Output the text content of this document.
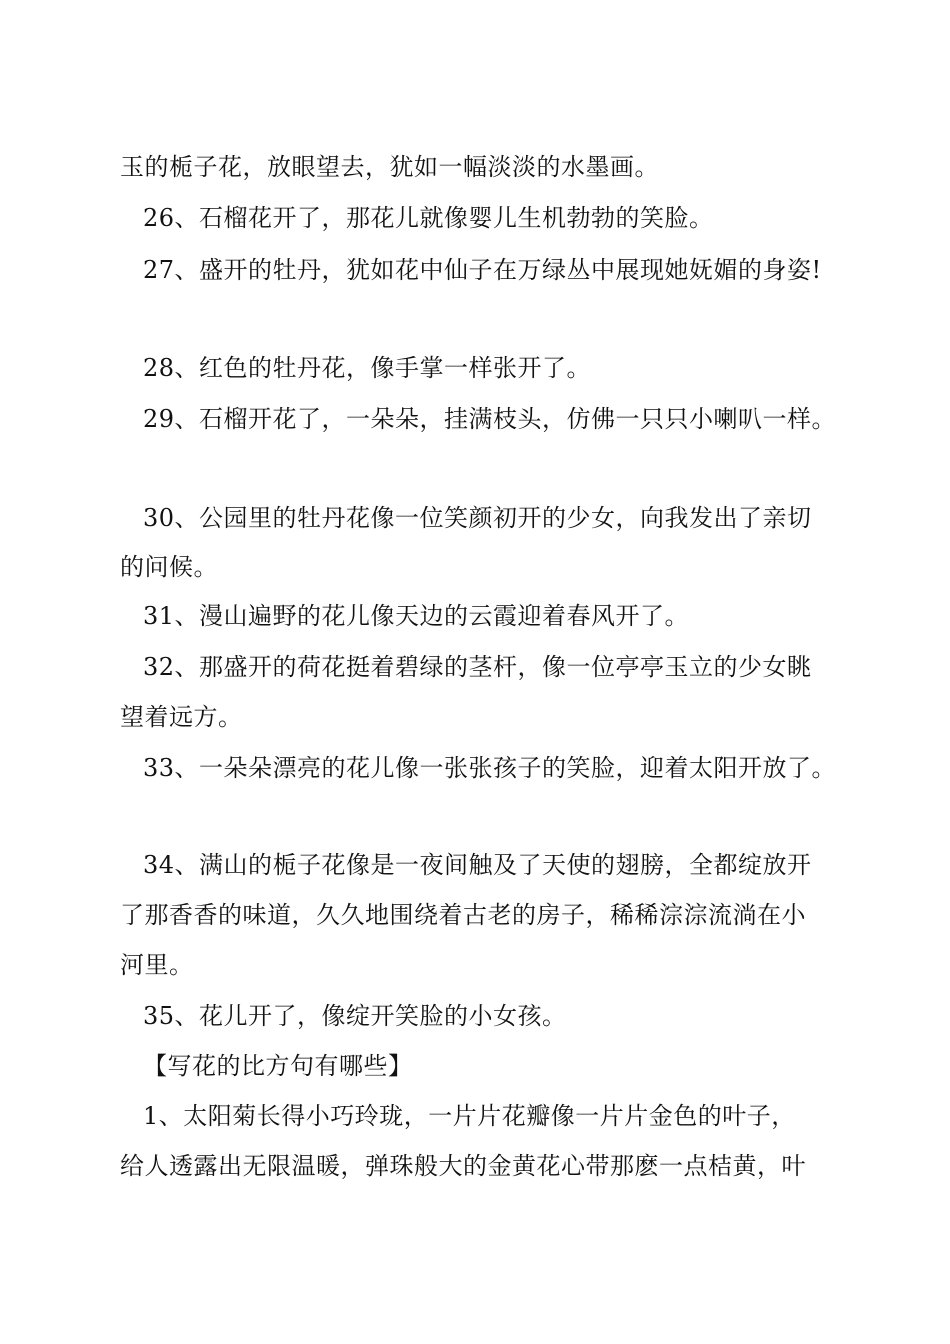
玉的栀子花，放眼望去，犹如一幅淡淡的水墨画。
26、石榴花开了，那花儿就像婴儿生机勃勃的笑脸。
27、盛开的牡丹，犹如花中仙子在万绿丛中展现她妩媚的身姿!
28、红色的牡丹花，像手掌一样张开了。
29、石榴开花了，一朵朵，挂满枝头，仿佛一只只小喇叭一样。
30、公园里的牡丹花像一位笑颜初开的少女，向我发出了亲切
的问候。
31、漫山遍野的花儿像天边的云霞迎着春风开了。
32、那盛开的荷花挺着碧绿的茎杆，像一位亭亭玉立的少女眺
望着远方。
33、一朵朵漂亮的花儿像一张张孩子的笑脸，迎着太阳开放了。
34、满山的栀子花像是一夜间触及了天使的翅膀，全都绽放开
了那香香的味道，久久地围绕着古老的房子，稀稀淙淙流淌在小
河里。
35、花儿开了，像绽开笑脸的小女孩。
【写花的比方句有哪些】
1、太阳菊长得小巧玲珑，一片片花瓣像一片片金色的叶子，
给人透露出无限温暖，弹珠般大的金黄花心带那麽一点桔黄，叶
